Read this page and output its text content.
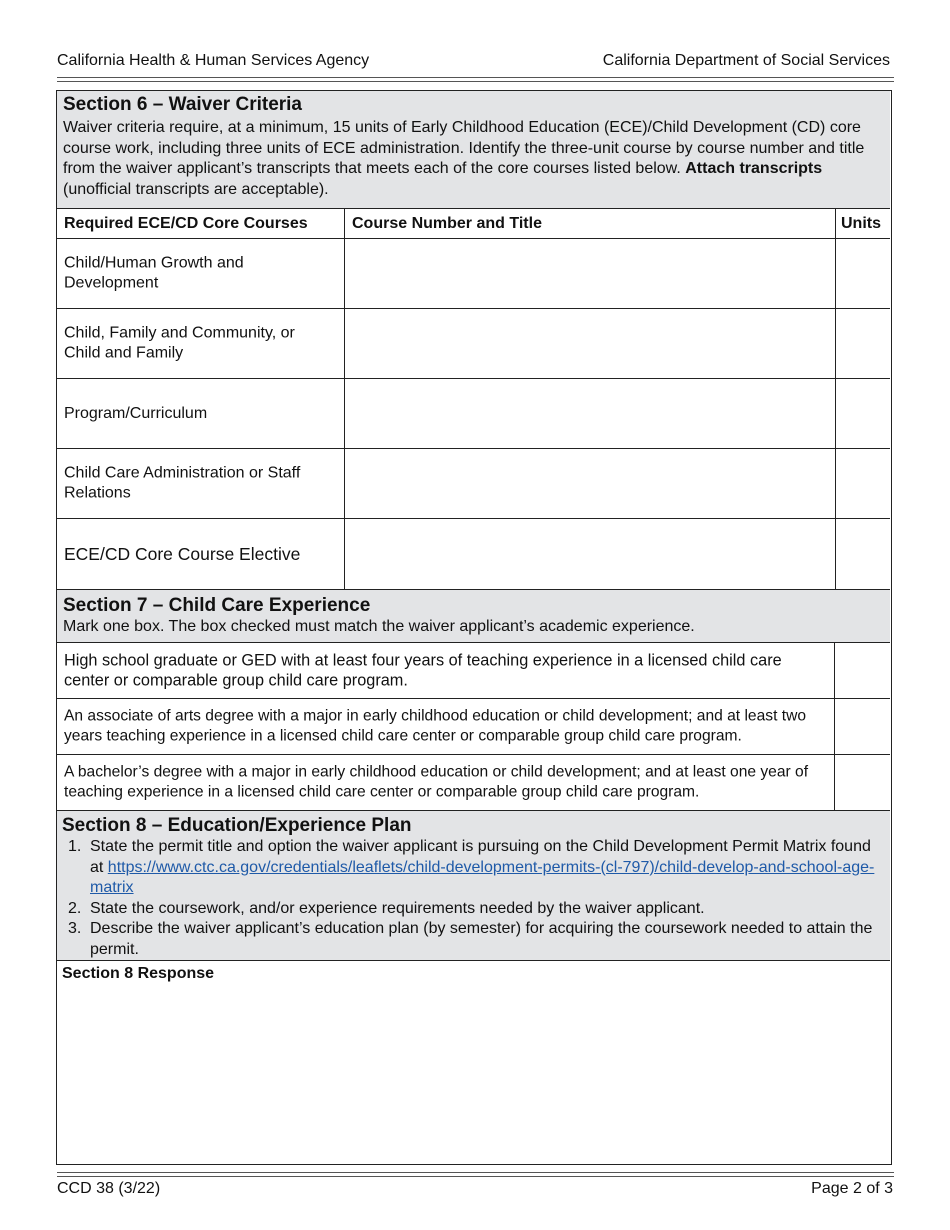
California Health & Human Services Agency	California Department of Social Services
Section 6 – Waiver Criteria
Waiver criteria require, at a minimum, 15 units of Early Childhood Education (ECE)/Child Development (CD) core course work, including three units of ECE administration. Identify the three-unit course by course number and title from the waiver applicant’s transcripts that meets each of the core courses listed below. Attach transcripts (unofficial transcripts are acceptable).
Required ECE/CD Core Courses	Course Number and Title	Units
Child/Human Growth and Development
Child, Family and Community, or Child and Family
Program/Curriculum
Child Care Administration or Staff Relations
ECE/CD Core Course Elective
Section 7 – Child Care Experience
Mark one box. The box checked must match the waiver applicant’s academic experience.
High school graduate or GED with at least four years of teaching experience in a licensed child care center or comparable group child care program.
An associate of arts degree with a major in early childhood education or child development; and at least two years teaching experience in a licensed child care center or comparable group child care program.
A bachelor’s degree with a major in early childhood education or child development; and at least one year of teaching experience in a licensed child care center or comparable group child care program.
Section 8 – Education/Experience Plan
1. State the permit title and option the waiver applicant is pursuing on the Child Development Permit Matrix found at https://www.ctc.ca.gov/credentials/leaflets/child-development-permits-(cl-797)/child-develop-and-school-age-matrix
2. State the coursework, and/or experience requirements needed by the waiver applicant.
3. Describe the waiver applicant’s education plan (by semester) for acquiring the coursework needed to attain the permit.
Section 8 Response
CCD 38 (3/22)	Page 2 of 3
